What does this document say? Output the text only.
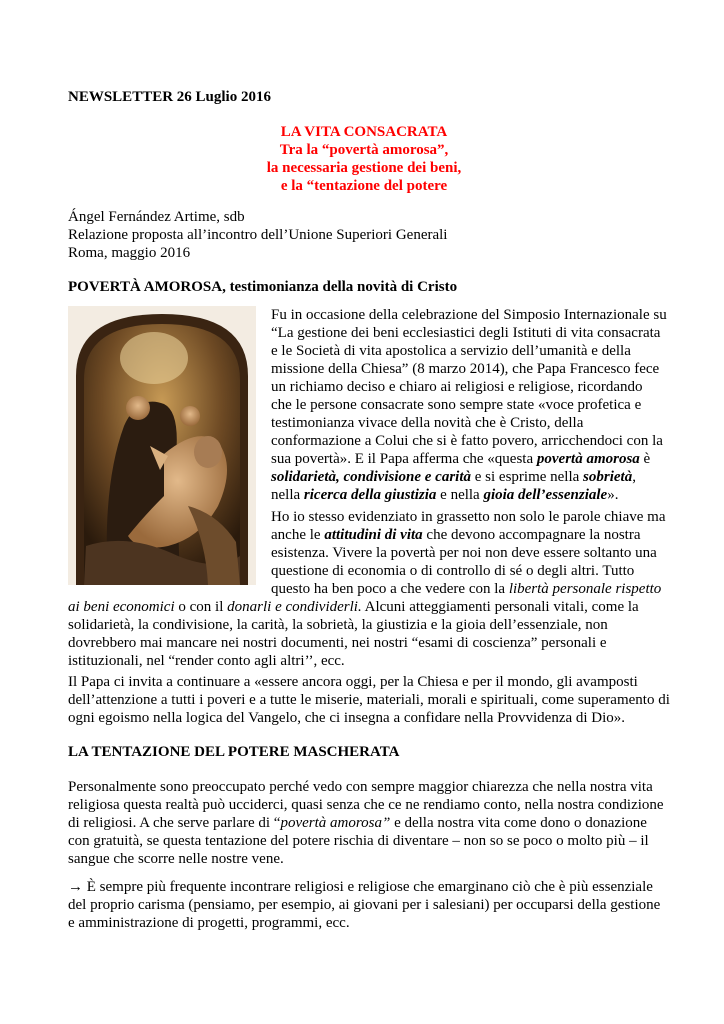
NEWSLETTER 26 Luglio 2016
LA VITA CONSACRATA
Tra la “povertà amorosa”,
la necessaria gestione dei beni,
e la “tentazione del potere
Ángel Fernández Artime, sdb
Relazione proposta all’incontro dell’Unione Superiori Generali
Roma, maggio 2016
POVERTÀ AMOROSA, testimonianza della novità di Cristo
Fu in occasione della celebrazione del Simposio Internazionale su
“La gestione dei beni ecclesiastici degli Istituti di vita consacrata
e le Società di vita apostolica a servizio dell’umanità e della
missione della Chiesa” (8 marzo 2014), che Papa Francesco fece
un richiamo deciso e chiaro ai religiosi e religiose, ricordando
che le persone consacrate sono sempre state «voce profetica e
testimonianza vivace della novità che è Cristo, della
conformazione a Colui che si è fatto povero, arricchendoci con la
sua povertà». E il Papa afferma che «questa povertà amorosa è
solidarietà, condivisione e carità e si esprime nella sobrietà,
nella ricerca della giustizia e nella gioia dell’essenziale».
Ho io stesso evidenziato in grassetto non solo le parole chiave ma
anche le attitudini di vita che devono accompagnare la nostra
esistenza. Vivere la povertà per noi non deve essere soltanto una
questione di economia o di controllo di sé o degli altri. Tutto
questo ha ben poco a che vedere con la libertà personale rispetto
ai beni economici o con il donarli e condividerli. Alcuni atteggiamenti personali vitali, come la
solidarietà, la condivisione, la carità, la sobrietà, la giustizia e la gioia dell’essenziale, non
dovrebbero mai mancare nei nostri documenti, nei nostri “esami di coscienza” personali e
istituzionali, nel “render conto agli altri’’, ecc.
Il Papa ci invita a continuare a «essere ancora oggi, per la Chiesa e per il mondo, gli avamposti
dell’attenzione a tutti i poveri e a tutte le miserie, materiali, morali e spirituali, come superamento di
ogni egoismo nella logica del Vangelo, che ci insegna a confidare nella Provvidenza di Dio».
LA TENTAZIONE DEL POTERE MASCHERATA
Personalmente sono preoccupato perché vedo con sempre maggior chiarezza che nella nostra vita
religiosa questa realtà può ucciderci, quasi senza che ce ne rendiamo conto, nella nostra condizione
di religiosi. A che serve parlare di “povertà amorosa” e della nostra vita come dono o donazione
con gratuità, se questa tentazione del potere rischia di diventare – non so se poco o molto più – il
sangue che scorre nelle nostre vene.
→ È sempre più frequente incontrare religiosi e religiose che emarginano ciò che è più essenziale
del proprio carisma (pensiamo, per esempio, ai giovani per i salesiani) per occuparsi della gestione
e amministrazione di progetti, programmi, ecc.
